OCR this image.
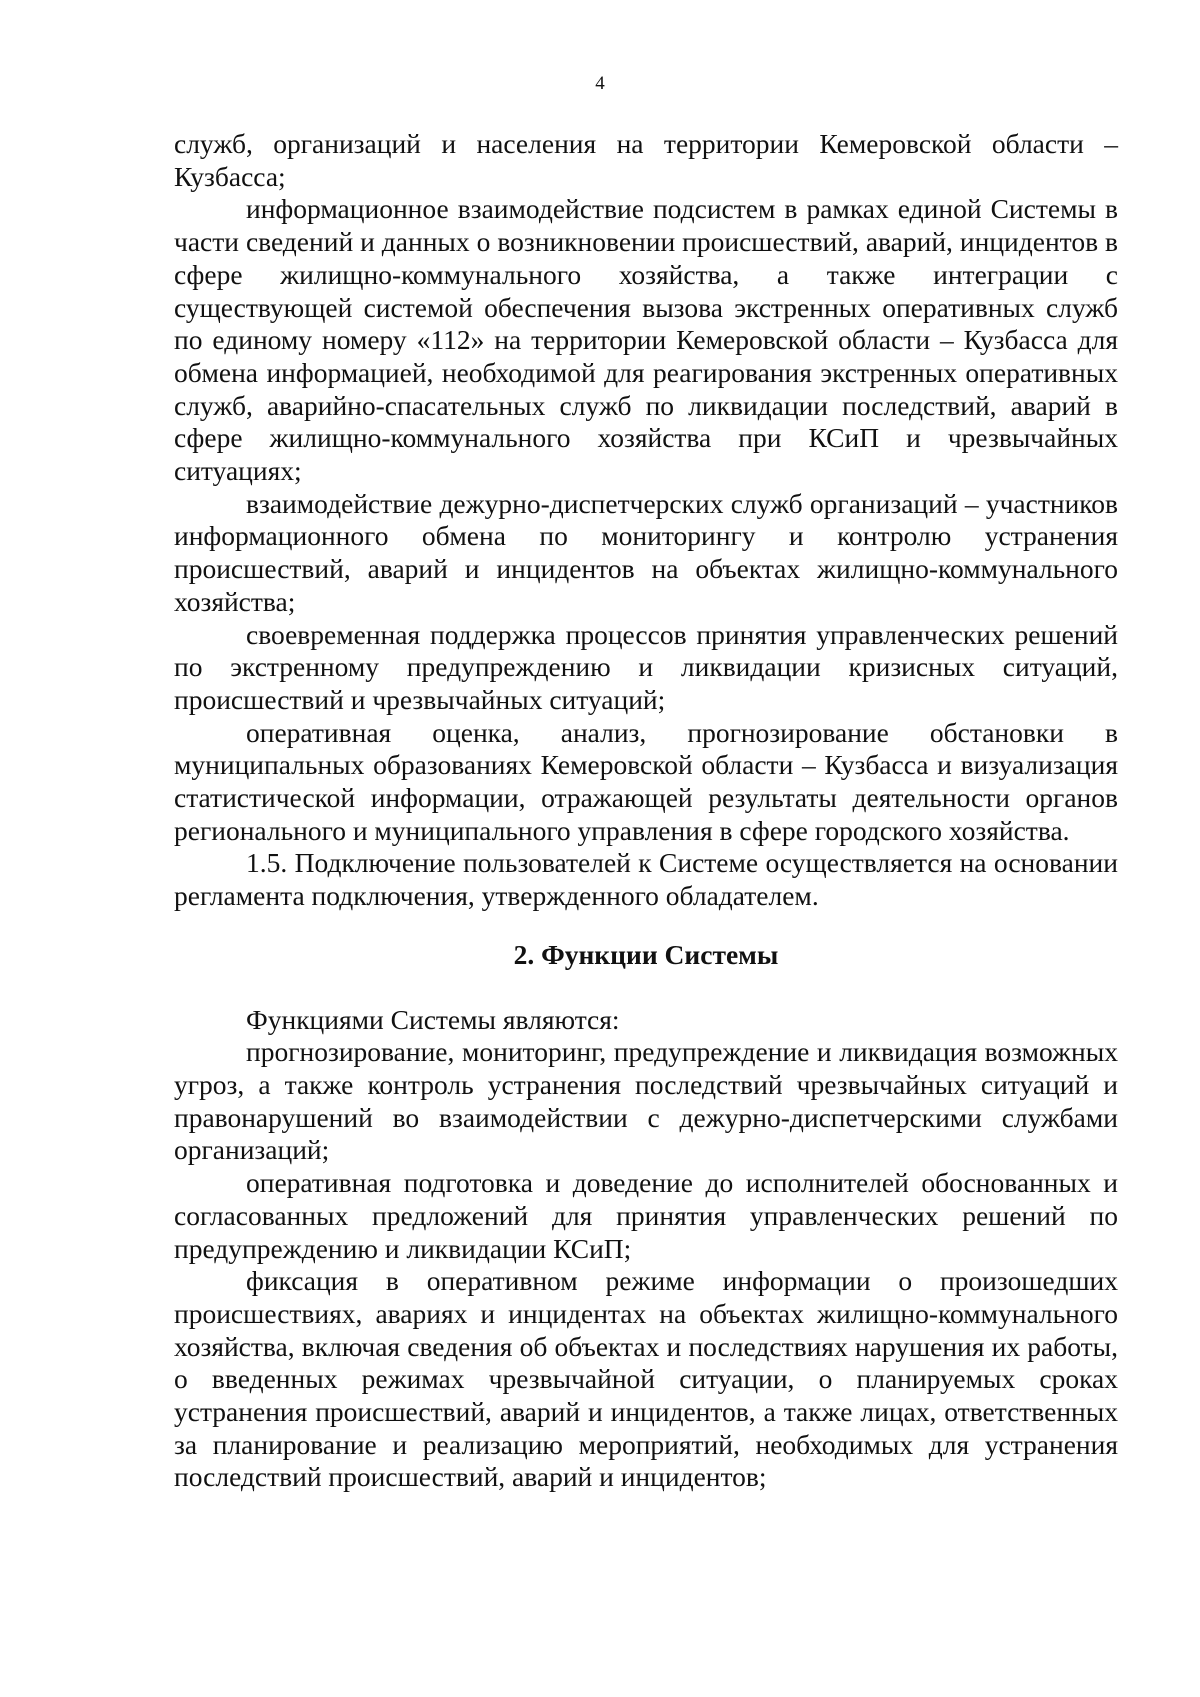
4

служб, организаций и населения на территории Кемеровской области – Кузбасса;

информационное взаимодействие подсистем в рамках единой Системы в части сведений и данных о возникновении происшествий, аварий, инцидентов в сфере жилищно-коммунального хозяйства, а также интеграции с существующей системой обеспечения вызова экстренных оперативных служб по единому номеру «112» на территории Кемеровской области – Кузбасса для обмена информацией, необходимой для реагирования экстренных оперативных служб, аварийно-спасательных служб по ликвидации последствий, аварий в сфере жилищно-коммунального хозяйства при КСиП и чрезвычайных ситуациях;

взаимодействие дежурно-диспетчерских служб организаций – участников информационного обмена по мониторингу и контролю устранения происшествий, аварий и инцидентов на объектах жилищно-коммунального хозяйства;

своевременная поддержка процессов принятия управленческих решений по экстренному предупреждению и ликвидации кризисных ситуаций, происшествий и чрезвычайных ситуаций;

оперативная оценка, анализ, прогнозирование обстановки в муниципальных образованиях Кемеровской области – Кузбасса и визуализация статистической информации, отражающей результаты деятельности органов регионального и муниципального управления в сфере городского хозяйства.

1.5. Подключение пользователей к Системе осуществляется на основании регламента подключения, утвержденного обладателем.

2. Функции Системы

Функциями Системы являются:

прогнозирование, мониторинг, предупреждение и ликвидация возможных угроз, а также контроль устранения последствий чрезвычайных ситуаций и правонарушений во взаимодействии с дежурно-диспетчерскими службами организаций;

оперативная подготовка и доведение до исполнителей обоснованных и согласованных предложений для принятия управленческих решений по предупреждению и ликвидации КСиП;

фиксация в оперативном режиме информации о произошедших происшествиях, авариях и инцидентах на объектах жилищно-коммунального хозяйства, включая сведения об объектах и последствиях нарушения их работы, о введенных режимах чрезвычайной ситуации, о планируемых сроках устранения происшествий, аварий и инцидентов, а также лицах, ответственных за планирование и реализацию мероприятий, необходимых для устранения последствий происшествий, аварий и инцидентов;
